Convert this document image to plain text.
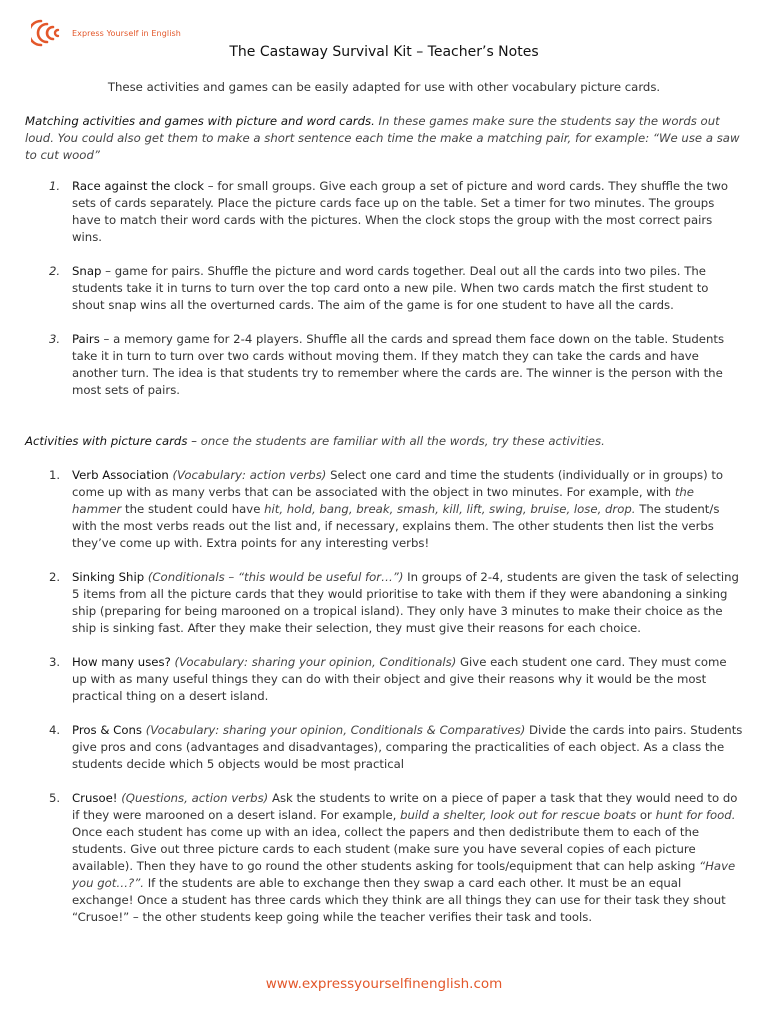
Express Yourself in English
The Castaway Survival Kit – Teacher’s Notes
These activities and games can be easily adapted for use with other vocabulary picture cards.
Matching activities and games with picture and word cards. In these games make sure the students say the words out loud. You could also get them to make a short sentence each time the make a matching pair, for example: “We use a saw to cut wood”
1. Race against the clock – for small groups. Give each group a set of picture and word cards. They shuffle the two sets of cards separately. Place the picture cards face up on the table. Set a timer for two minutes. The groups have to match their word cards with the pictures. When the clock stops the group with the most correct pairs wins.
2. Snap – game for pairs. Shuffle the picture and word cards together. Deal out all the cards into two piles. The students take it in turns to turn over the top card onto a new pile. When two cards match the first student to shout snap wins all the overturned cards. The aim of the game is for one student to have all the cards.
3. Pairs – a memory game for 2-4 players. Shuffle all the cards and spread them face down on the table. Students take it in turn to turn over two cards without moving them. If they match they can take the cards and have another turn. The idea is that students try to remember where the cards are. The winner is the person with the most sets of pairs.
Activities with picture cards – once the students are familiar with all the words, try these activities.
1. Verb Association (Vocabulary: action verbs) Select one card and time the students (individually or in groups) to come up with as many verbs that can be associated with the object in two minutes. For example, with the hammer the student could have hit, hold, bang, break, smash, kill, lift, swing, bruise, lose, drop. The student/s with the most verbs reads out the list and, if necessary, explains them. The other students then list the verbs they’ve come up with. Extra points for any interesting verbs!
2. Sinking Ship (Conditionals – “this would be useful for…”) In groups of 2-4, students are given the task of selecting 5 items from all the picture cards that they would prioritise to take with them if they were abandoning a sinking ship (preparing for being marooned on a tropical island). They only have 3 minutes to make their choice as the ship is sinking fast. After they make their selection, they must give their reasons for each choice.
3. How many uses? (Vocabulary: sharing your opinion, Conditionals) Give each student one card. They must come up with as many useful things they can do with their object and give their reasons why it would be the most practical thing on a desert island.
4. Pros & Cons (Vocabulary: sharing your opinion, Conditionals & Comparatives) Divide the cards into pairs. Students give pros and cons (advantages and disadvantages), comparing the practicalities of each object. As a class the students decide which 5 objects would be most practical
5. Crusoe! (Questions, action verbs) Ask the students to write on a piece of paper a task that they would need to do if they were marooned on a desert island. For example, build a shelter, look out for rescue boats or hunt for food. Once each student has come up with an idea, collect the papers and then dedistribute them to each of the students. Give out three picture cards to each student (make sure you have several copies of each picture available). Then they have to go round the other students asking for tools/equipment that can help asking “Have you got…?”. If the students are able to exchange then they swap a card each other. It must be an equal exchange! Once a student has three cards which they think are all things they can use for their task they shout “Crusoe!” – the other students keep going while the teacher verifies their task and tools.
www.expressyourselfinenglish.com
